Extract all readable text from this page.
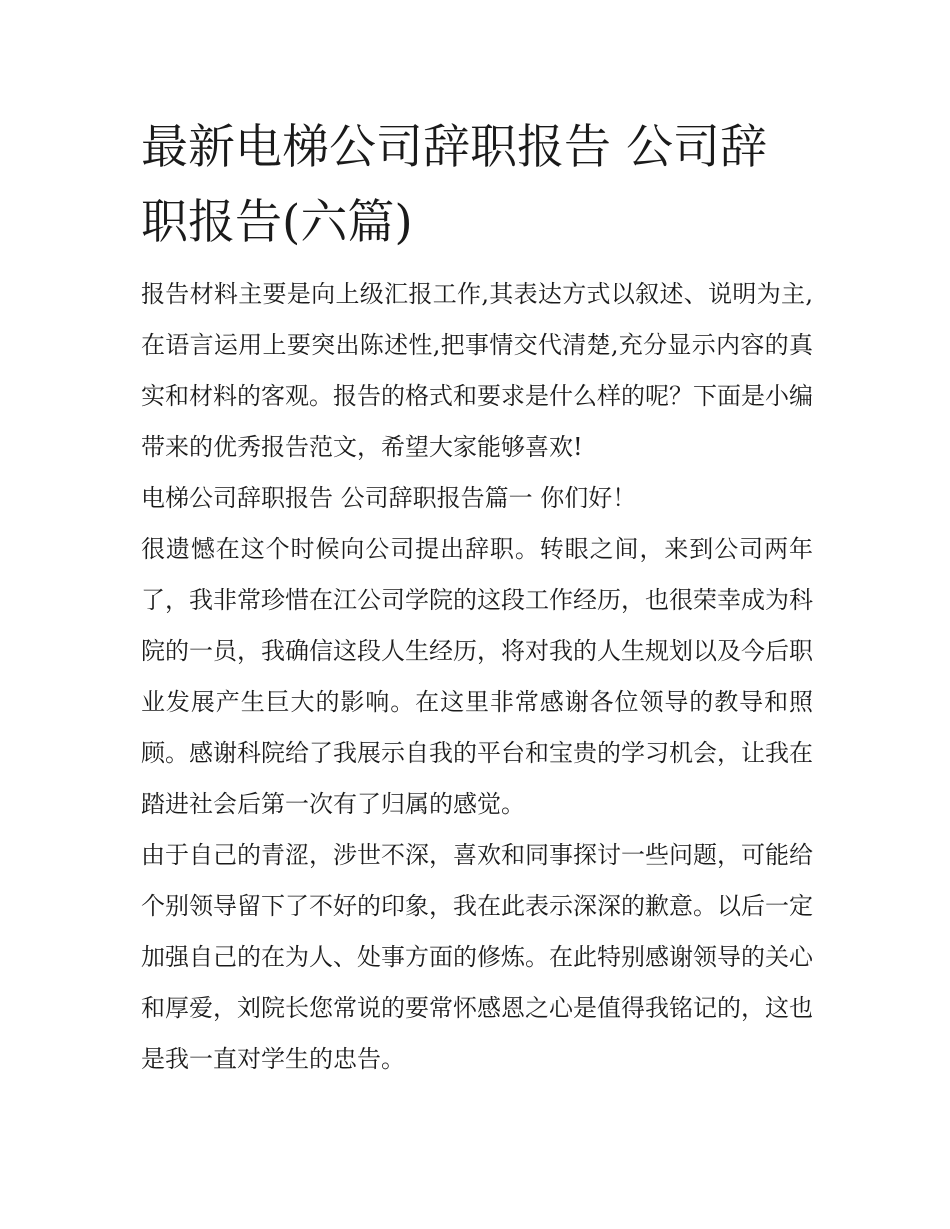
最新电梯公司辞职报告 公司辞职报告(六篇)

报告材料主要是向上级汇报工作,其表达方式以叙述、说明为主,在语言运用上要突出陈述性,把事情交代清楚,充分显示内容的真实和材料的客观。报告的格式和要求是什么样的呢？下面是小编带来的优秀报告范文，希望大家能够喜欢!

电梯公司辞职报告 公司辞职报告篇一 你们好！

很遗憾在这个时候向公司提出辞职。转眼之间，来到公司两年了，我非常珍惜在江公司学院的这段工作经历，也很荣幸成为科院的一员，我确信这段人生经历，将对我的人生规划以及今后职业发展产生巨大的影响。在这里非常感谢各位领导的教导和照顾。感谢科院给了我展示自我的平台和宝贵的学习机会，让我在踏进社会后第一次有了归属的感觉。

由于自己的青涩，涉世不深，喜欢和同事探讨一些问题，可能给个别领导留下了不好的印象，我在此表示深深的歉意。以后一定加强自己的在为人、处事方面的修炼。在此特别感谢领导的关心和厚爱，刘院长您常说的要常怀感恩之心是值得我铭记的，这也是我一直对学生的忠告。
